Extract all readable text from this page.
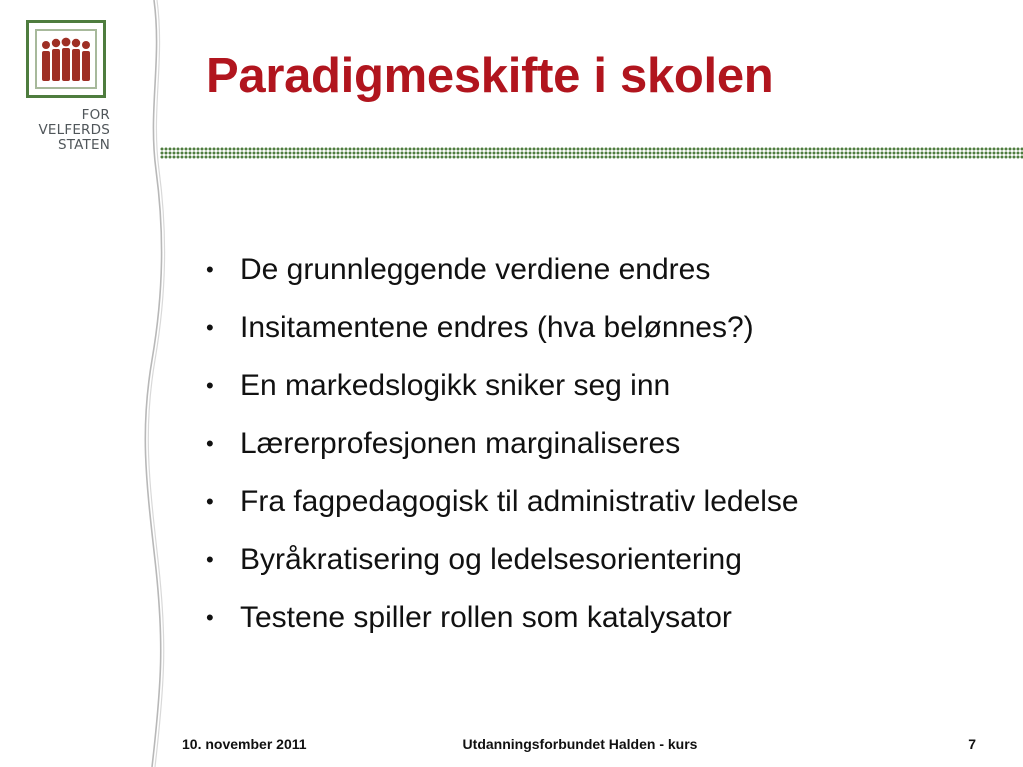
FOR
VELFERDS
STATEN
Paradigmeskifte i skolen
• De grunnleggende verdiene endres
• Insitamentene endres (hva belønnes?)
• En markedslogikk sniker seg inn
• Lærerprofesjonen marginaliseres
• Fra fagpedagogisk til administrativ ledelse
• Byråkratisering og ledelsesorientering
• Testene spiller rollen som katalysator
10. november 2011	Utdanningsforbundet Halden - kurs	7
